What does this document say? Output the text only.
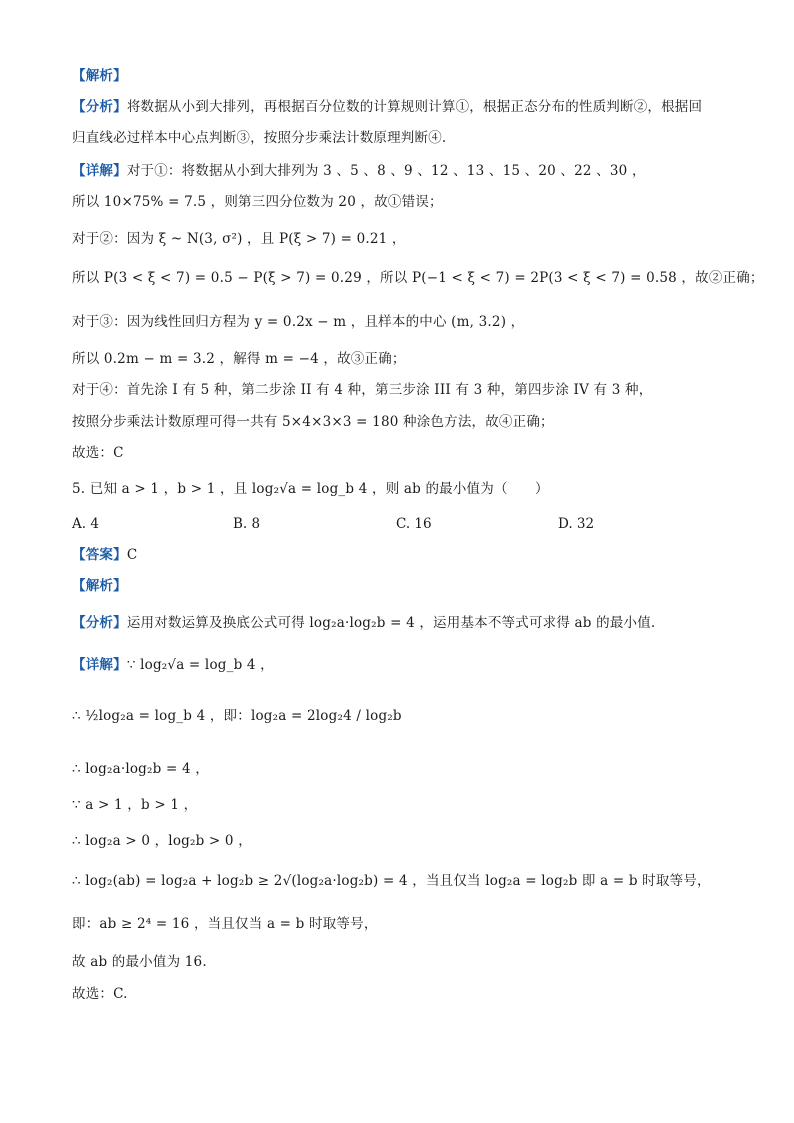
【解析】
【分析】将数据从小到大排列，再根据百分位数的计算规则计算①，根据正态分布的性质判断②，根据回
归直线必过样本中心点判断③，按照分步乘法计数原理判断④.
【详解】对于①：将数据从小到大排列为 3 、5 、8 、9 、12 、13 、15 、20 、22 、30 ，
所以 10×75% = 7.5 ，则第三四分位数为 20 ，故①错误；
对于②：因为 ξ ~ N(3, σ²) ，且 P(ξ > 7) = 0.21 ，
所以 P(3 < ξ < 7) = 0.5 − P(ξ > 7) = 0.29 ，所以 P(−1 < ξ < 7) = 2P(3 < ξ < 7) = 0.58 ，故②正确；
对于③：因为线性回归方程为 y = 0.2x − m ，且样本的中心 (m, 3.2) ，
所以 0.2m − m = 3.2 ，解得 m = −4 ，故③正确；
对于④：首先涂 I 有 5 种，第二步涂 II 有 4 种，第三步涂 III 有 3 种，第四步涂 IV 有 3 种，
按照分步乘法计数原理可得一共有 5×4×3×3 = 180 种涂色方法，故④正确；
故选：C
5. 已知 a > 1 ，b > 1 ，且 log₂√a = log_b 4 ，则 ab 的最小值为（　　）
A. 4	B. 8	C. 16	D. 32
【答案】C
【解析】
【分析】运用对数运算及换底公式可得 log₂a·log₂b = 4 ，运用基本不等式可求得 ab 的最小值.
【详解】∵ log₂√a = log_b 4 ，
∴ ½log₂a = log_b 4 ，即：log₂a = 2log₂4 / log₂b
∴ log₂a·log₂b = 4 ，
∵ a > 1 ，b > 1 ，
∴ log₂a > 0 ，log₂b > 0 ，
∴ log₂(ab) = log₂a + log₂b ≥ 2√(log₂a·log₂b) = 4 ，当且仅当 log₂a = log₂b 即 a = b 时取等号，
即：ab ≥ 2⁴ = 16 ，当且仅当 a = b 时取等号，
故 ab 的最小值为 16.
故选：C.
